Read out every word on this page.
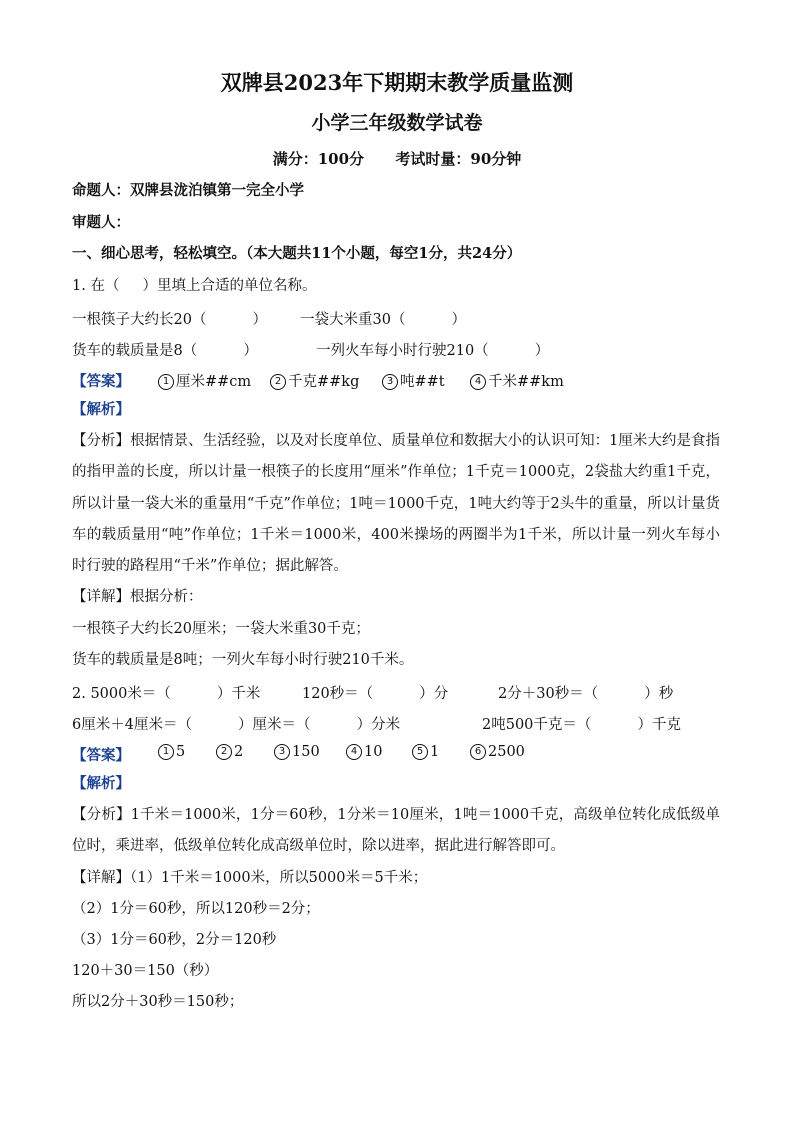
双牌县2023年下期期末教学质量监测
小学三年级数学试卷
满分：100分      考试时量：90分钟
命题人：双牌县泷泊镇第一完全小学
审题人：
一、细心思考，轻松填空。（本大题共11个小题，每空1分，共24分）
1. 在（     ）里填上合适的单位名称。
一根筷子大约长20（          ） 一袋大米重30（          ）
货车的载质量是8（          ）	一列火车每小时行驶210（          ）
【答案】	1 厘米##cm	2 千克##kg	3 吨##t	4 千米##km
【解析】
【分析】根据情景、生活经验，以及对长度单位、质量单位和数据大小的认识可知：1厘米大约是食指的指甲盖的长度，所以计量一根筷子的长度用“厘米”作单位；1千克＝1000克，2袋盐大约重1千克，所以计量一袋大米的重量用“千克”作单位；1吨＝1000千克，1吨大约等于2头牛的重量，所以计量货车的载质量用“吨”作单位；1千米＝1000米，400米操场的两圈半为1千米，所以计量一列火车每小时行驶的路程用“千米”作单位；据此解答。
【详解】根据分析：
一根筷子大约长20厘米；一袋大米重30千克；
货车的载质量是8吨；一列火车每小时行驶210千米。
2. 5000米＝（          ）千米	120秒＝（          ）分	2分＋30秒＝（          ）秒
6厘米＋4厘米＝（          ）厘米＝（          ）分米	2吨500千克＝（          ）千克
【答案】	1 5	2 2	3 150	4 10	5 1	6 2500
【解析】
【分析】1千米＝1000米，1分＝60秒，1分米＝10厘米，1吨＝1000千克，高级单位转化成低级单位时，乘进率，低级单位转化成高级单位时，除以进率，据此进行解答即可。
【详解】（1）1千米＝1000米，所以5000米＝5千米；
（2）1分＝60秒，所以120秒＝2分；
（3）1分＝60秒，2分＝120秒
120＋30＝150（秒）
所以2分＋30秒＝150秒；
